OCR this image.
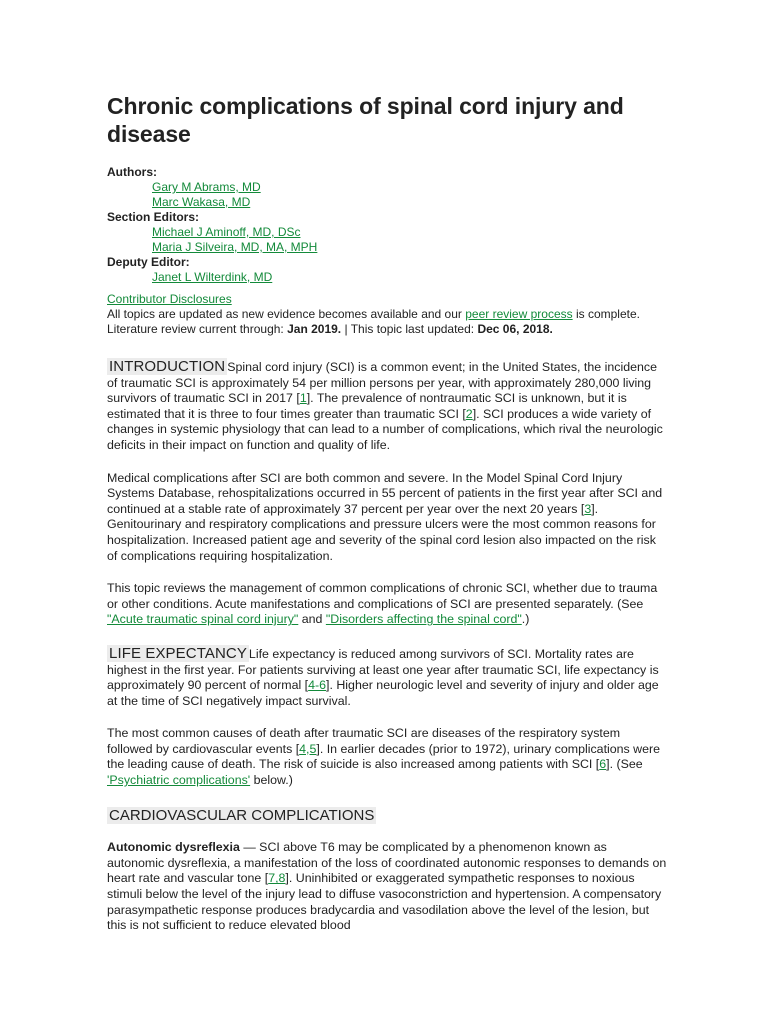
Chronic complications of spinal cord injury and disease
Authors:
Gary M Abrams, MD
Marc Wakasa, MD
Section Editors:
Michael J Aminoff, MD, DSc
Maria J Silveira, MD, MA, MPH
Deputy Editor:
Janet L Wilterdink, MD
Contributor Disclosures
All topics are updated as new evidence becomes available and our peer review process is complete.
Literature review current through: Jan 2019. | This topic last updated: Dec 06, 2018.

INTRODUCTION Spinal cord injury (SCI) is a common event; in the United States, the incidence of traumatic SCI is approximately 54 per million persons per year, with approximately 280,000 living survivors of traumatic SCI in 2017 [1]. The prevalence of nontraumatic SCI is unknown, but it is estimated that it is three to four times greater than traumatic SCI [2]. SCI produces a wide variety of changes in systemic physiology that can lead to a number of complications, which rival the neurologic deficits in their impact on function and quality of life.

Medical complications after SCI are both common and severe. In the Model Spinal Cord Injury Systems Database, rehospitalizations occurred in 55 percent of patients in the first year after SCI and continued at a stable rate of approximately 37 percent per year over the next 20 years [3]. Genitourinary and respiratory complications and pressure ulcers were the most common reasons for hospitalization. Increased patient age and severity of the spinal cord lesion also impacted on the risk of complications requiring hospitalization.

This topic reviews the management of common complications of chronic SCI, whether due to trauma or other conditions. Acute manifestations and complications of SCI are presented separately. (See "Acute traumatic spinal cord injury" and "Disorders affecting the spinal cord".)

LIFE EXPECTANCY Life expectancy is reduced among survivors of SCI. Mortality rates are highest in the first year. For patients surviving at least one year after traumatic SCI, life expectancy is approximately 90 percent of normal [4-6]. Higher neurologic level and severity of injury and older age at the time of SCI negatively impact survival.

The most common causes of death after traumatic SCI are diseases of the respiratory system followed by cardiovascular events [4,5]. In earlier decades (prior to 1972), urinary complications were the leading cause of death. The risk of suicide is also increased among patients with SCI [6]. (See 'Psychiatric complications' below.)

CARDIOVASCULAR COMPLICATIONS

Autonomic dysreflexia — SCI above T6 may be complicated by a phenomenon known as autonomic dysreflexia, a manifestation of the loss of coordinated autonomic responses to demands on heart rate and vascular tone [7,8]. Uninhibited or exaggerated sympathetic responses to noxious stimuli below the level of the injury lead to diffuse vasoconstriction and hypertension. A compensatory parasympathetic response produces bradycardia and vasodilation above the level of the lesion, but this is not sufficient to reduce elevated blood
